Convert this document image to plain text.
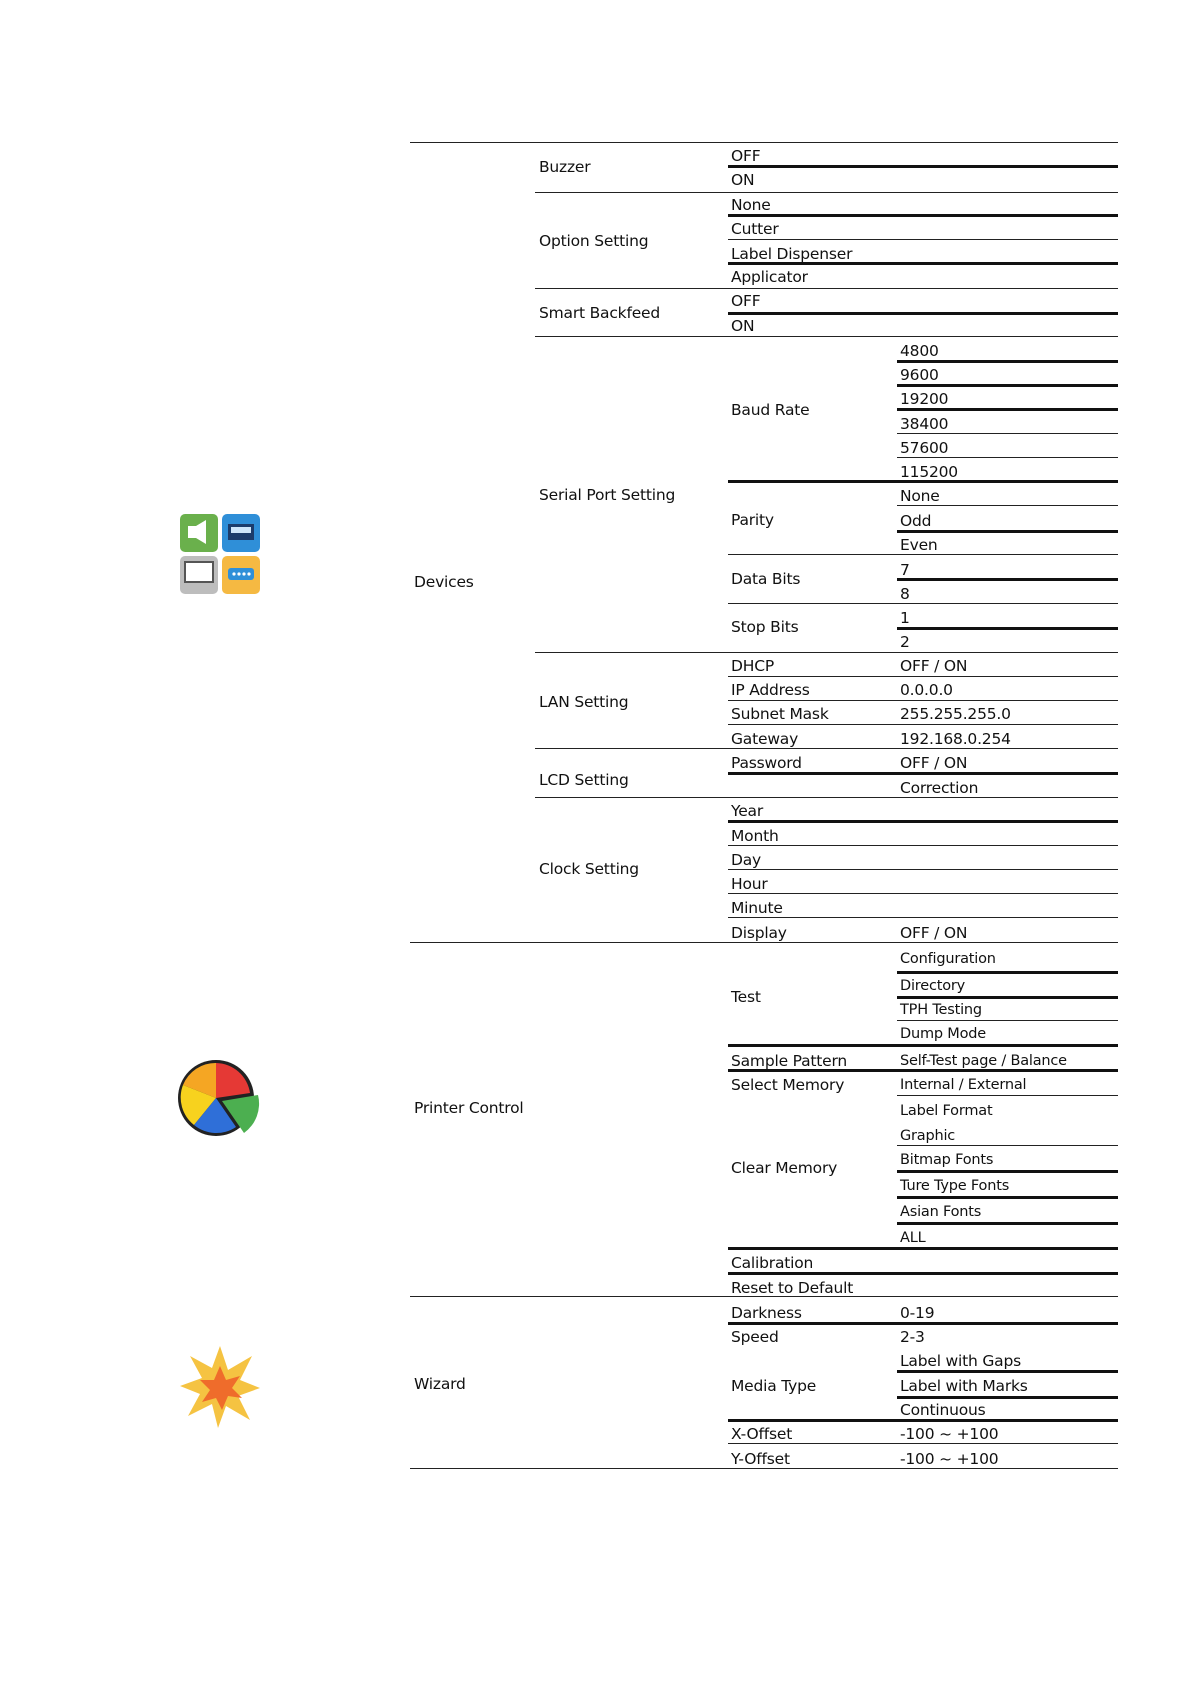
Devices
Printer Control
Wizard
Buzzer
Option Setting
Smart Backfeed
Serial Port Setting
LAN Setting
LCD Setting
Clock Setting
OFF
ON
None
Cutter
Label Dispenser
Applicator
OFF
ON
Baud Rate
Parity
Data Bits
Stop Bits
DHCP
IP Address
Subnet Mask
Gateway
Password
Year
Month
Day
Hour
Minute
Display
4800
9600
19200
38400
57600
115200
None
Odd
Even
7
8
1
2
OFF / ON
0.0.0.0
255.255.255.0
192.168.0.254
OFF / ON
Correction
OFF / ON
Test
Sample Pattern
Select Memory
Clear Memory
Calibration
Reset to Default
Configuration
Directory
TPH Testing
Dump Mode
Self-Test page / Balance
Internal / External
Label Format
Graphic
Bitmap Fonts
Ture Type Fonts
Asian Fonts
ALL
Darkness
Speed
Media Type
X-Offset
Y-Offset
0-19
2-3
Label with Gaps
Label with Marks
Continuous
-100 ~ +100
-100 ~ +100
